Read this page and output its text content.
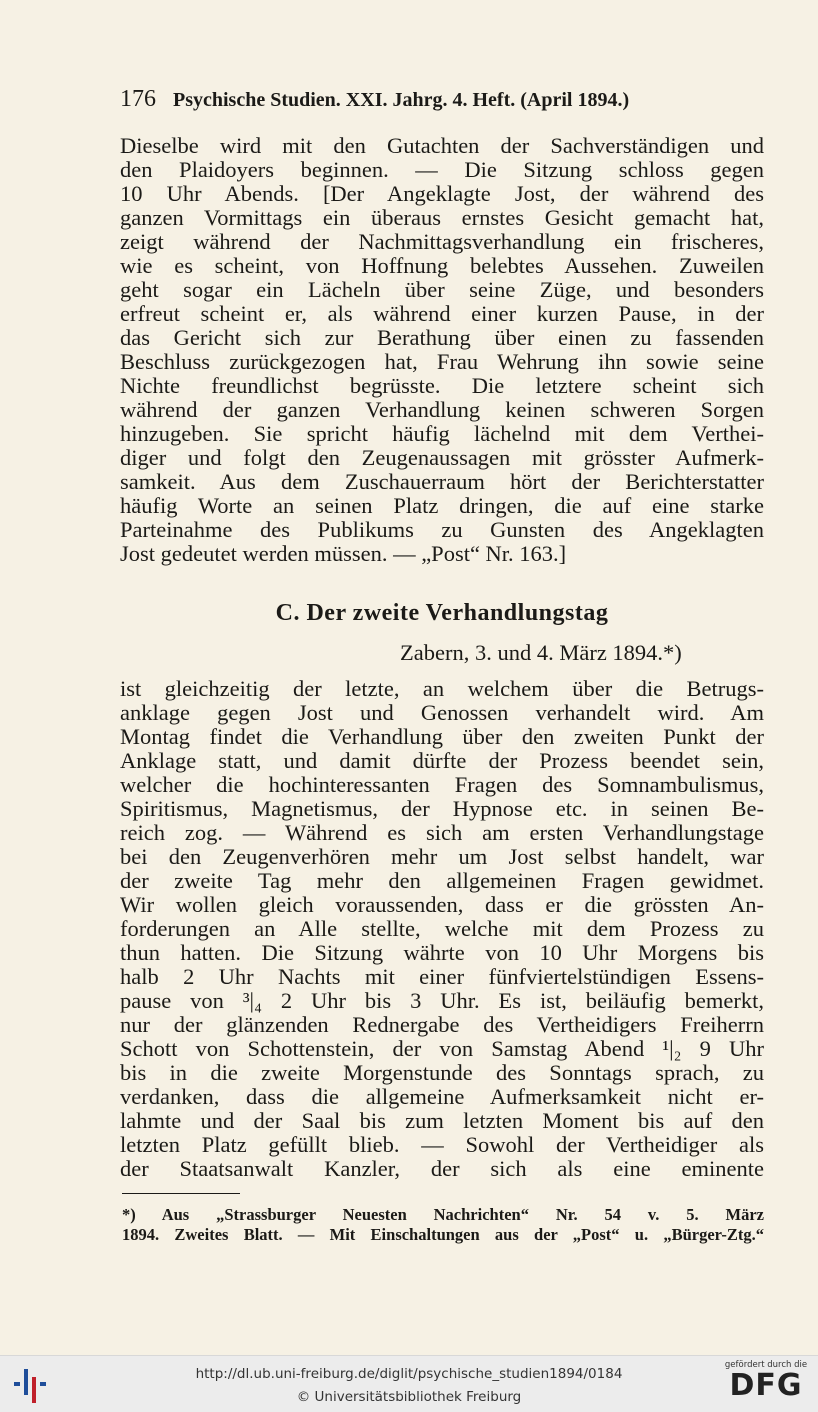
176 Psychische Studien. XXI. Jahrg. 4. Heft. (April 1894.)
Dieselbe wird mit den Gutachten der Sachverständigen und
den Plaidoyers beginnen. — Die Sitzung schloss gegen
10 Uhr Abends. [Der Angeklagte Jost, der während des
ganzen Vormittags ein überaus ernstes Gesicht gemacht hat,
zeigt während der Nachmittagsverhandlung ein frischeres,
wie es scheint, von Hoffnung belebtes Aussehen. Zuweilen
geht sogar ein Lächeln über seine Züge, und besonders
erfreut scheint er, als während einer kurzen Pause, in der
das Gericht sich zur Berathung über einen zu fassenden
Beschluss zurückgezogen hat, Frau Wehrung ihn sowie seine
Nichte freundlichst begrüsste. Die letztere scheint sich
während der ganzen Verhandlung keinen schweren Sorgen
hinzugeben. Sie spricht häufig lächelnd mit dem Verthei-
diger und folgt den Zeugenaussagen mit grösster Aufmerk-
samkeit. Aus dem Zuschauerraum hört der Berichterstatter
häufig Worte an seinen Platz dringen, die auf eine starke
Parteinahme des Publikums zu Gunsten des Angeklagten
Jost gedeutet werden müssen. — „Post“ Nr. 163.]
C. Der zweite Verhandlungstag
Zabern, 3. und 4. März 1894.*)
ist gleichzeitig der letzte, an welchem über die Betrugs-
anklage gegen Jost und Genossen verhandelt wird. Am
Montag findet die Verhandlung über den zweiten Punkt der
Anklage statt, und damit dürfte der Prozess beendet sein,
welcher die hochinteressanten Fragen des Somnambulismus,
Spiritismus, Magnetismus, der Hypnose etc. in seinen Be-
reich zog. — Während es sich am ersten Verhandlungstage
bei den Zeugenverhören mehr um Jost selbst handelt, war
der zweite Tag mehr den allgemeinen Fragen gewidmet.
Wir wollen gleich voraussenden, dass er die grössten An-
forderungen an Alle stellte, welche mit dem Prozess zu
thun hatten. Die Sitzung währte von 10 Uhr Morgens bis
halb 2 Uhr Nachts mit einer fünfviertelstündigen Essens-
pause von ³|₄ 2 Uhr bis 3 Uhr. Es ist, beiläufig bemerkt,
nur der glänzenden Rednergabe des Vertheidigers Freiherrn
Schott von Schottenstein, der von Samstag Abend ¹|₂ 9 Uhr
bis in die zweite Morgenstunde des Sonntags sprach, zu
verdanken, dass die allgemeine Aufmerksamkeit nicht er-
lahmte und der Saal bis zum letzten Moment bis auf den
letzten Platz gefüllt blieb. — Sowohl der Vertheidiger als
der Staatsanwalt Kanzler, der sich als eine eminente
*) Aus „Strassburger Neuesten Nachrichten“ Nr. 54 v. 5. März
1894. Zweites Blatt. — Mit Einschaltungen aus der „Post“ u. „Bürger-Ztg.“
http://dl.ub.uni-freiburg.de/diglit/psychische_studien1894/0184
© Universitätsbibliothek Freiburg
gefördert durch die
DFG
